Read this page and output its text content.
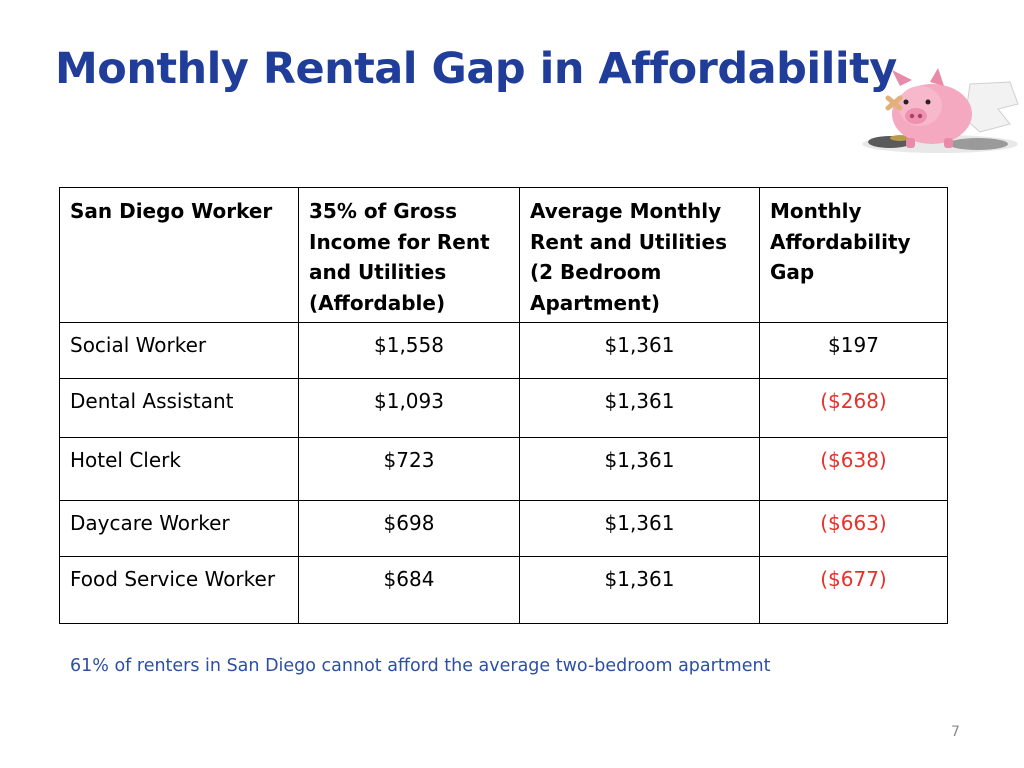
Monthly Rental Gap in Affordability
San Diego Worker	35% of Gross Income for Rent and Utilities (Affordable)	Average Monthly Rent and Utilities (2 Bedroom Apartment)	Monthly Affordability Gap
Social Worker	$1,558	$1,361	$197
Dental Assistant	$1,093	$1,361	($268)
Hotel Clerk	$723	$1,361	($638)
Daycare Worker	$698	$1,361	($663)
Food Service Worker	$684	$1,361	($677)
61% of renters in San Diego cannot afford the average two-bedroom apartment
7
